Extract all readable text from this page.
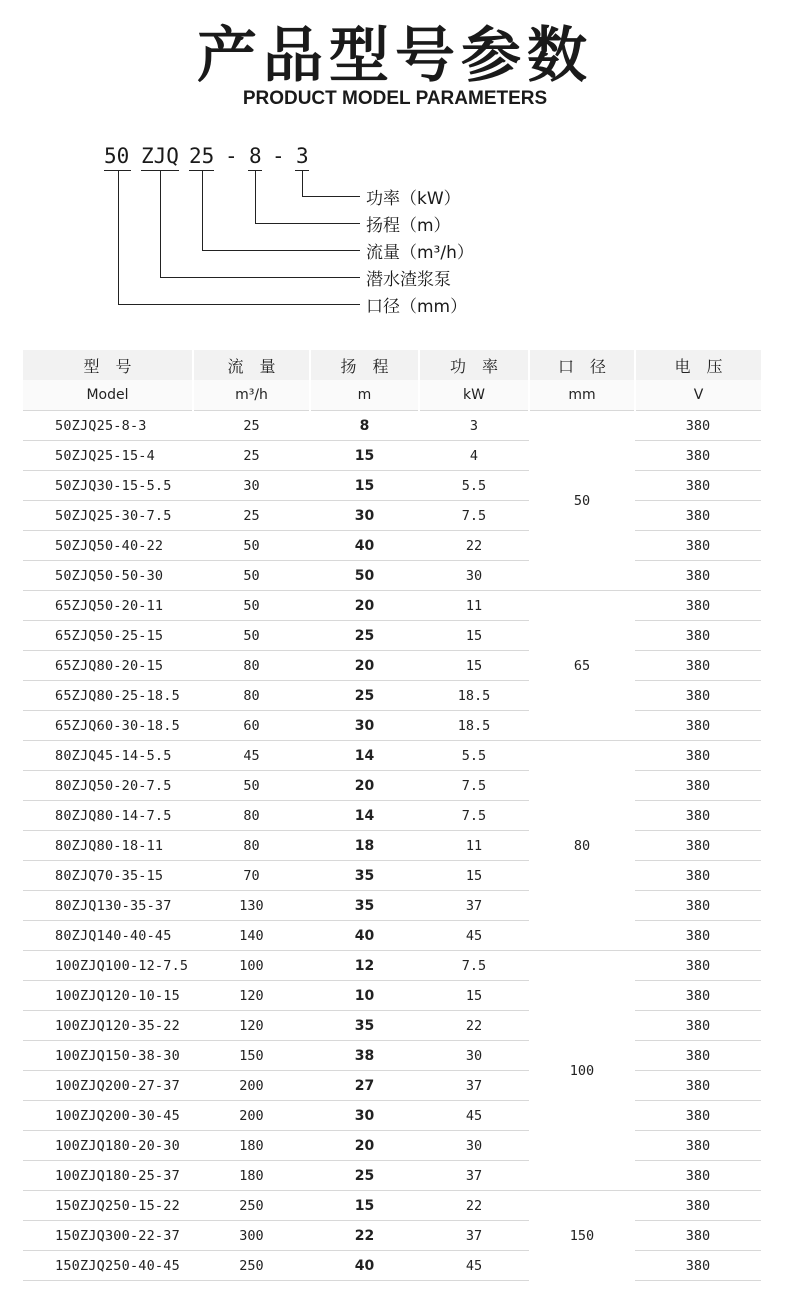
产品型号参数
PRODUCT MODEL PARAMETERS
50 ZJQ 25 - 8 - 3
功率（kW）
扬程（m）
流量（m³/h）
潜水渣浆泵
口径（mm）
型　号	流　量	扬　程	功　率	口　径	电　压
Model	m³/h	m	kW	mm	V
50ZJQ25-8-3	25	8	3	50	380
50ZJQ25-15-4	25	15	4		380
50ZJQ30-15-5.5	30	15	5.5		380
50ZJQ25-30-7.5	25	30	7.5		380
50ZJQ50-40-22	50	40	22		380
50ZJQ50-50-30	50	50	30		380
65ZJQ50-20-11	50	20	11	65	380
65ZJQ50-25-15	50	25	15		380
65ZJQ80-20-15	80	20	15		380
65ZJQ80-25-18.5	80	25	18.5		380
65ZJQ60-30-18.5	60	30	18.5		380
80ZJQ45-14-5.5	45	14	5.5	80	380
80ZJQ50-20-7.5	50	20	7.5		380
80ZJQ80-14-7.5	80	14	7.5		380
80ZJQ80-18-11	80	18	11		380
80ZJQ70-35-15	70	35	15		380
80ZJQ130-35-37	130	35	37		380
80ZJQ140-40-45	140	40	45		380
100ZJQ100-12-7.5	100	12	7.5	100	380
100ZJQ120-10-15	120	10	15		380
100ZJQ120-35-22	120	35	22		380
100ZJQ150-38-30	150	38	30		380
100ZJQ200-27-37	200	27	37		380
100ZJQ200-30-45	200	30	45		380
100ZJQ180-20-30	180	20	30		380
100ZJQ180-25-37	180	25	37		380
150ZJQ250-15-22	250	15	22	150	380
150ZJQ300-22-37	300	22	37		380
150ZJQ250-40-45	250	40	45		380
